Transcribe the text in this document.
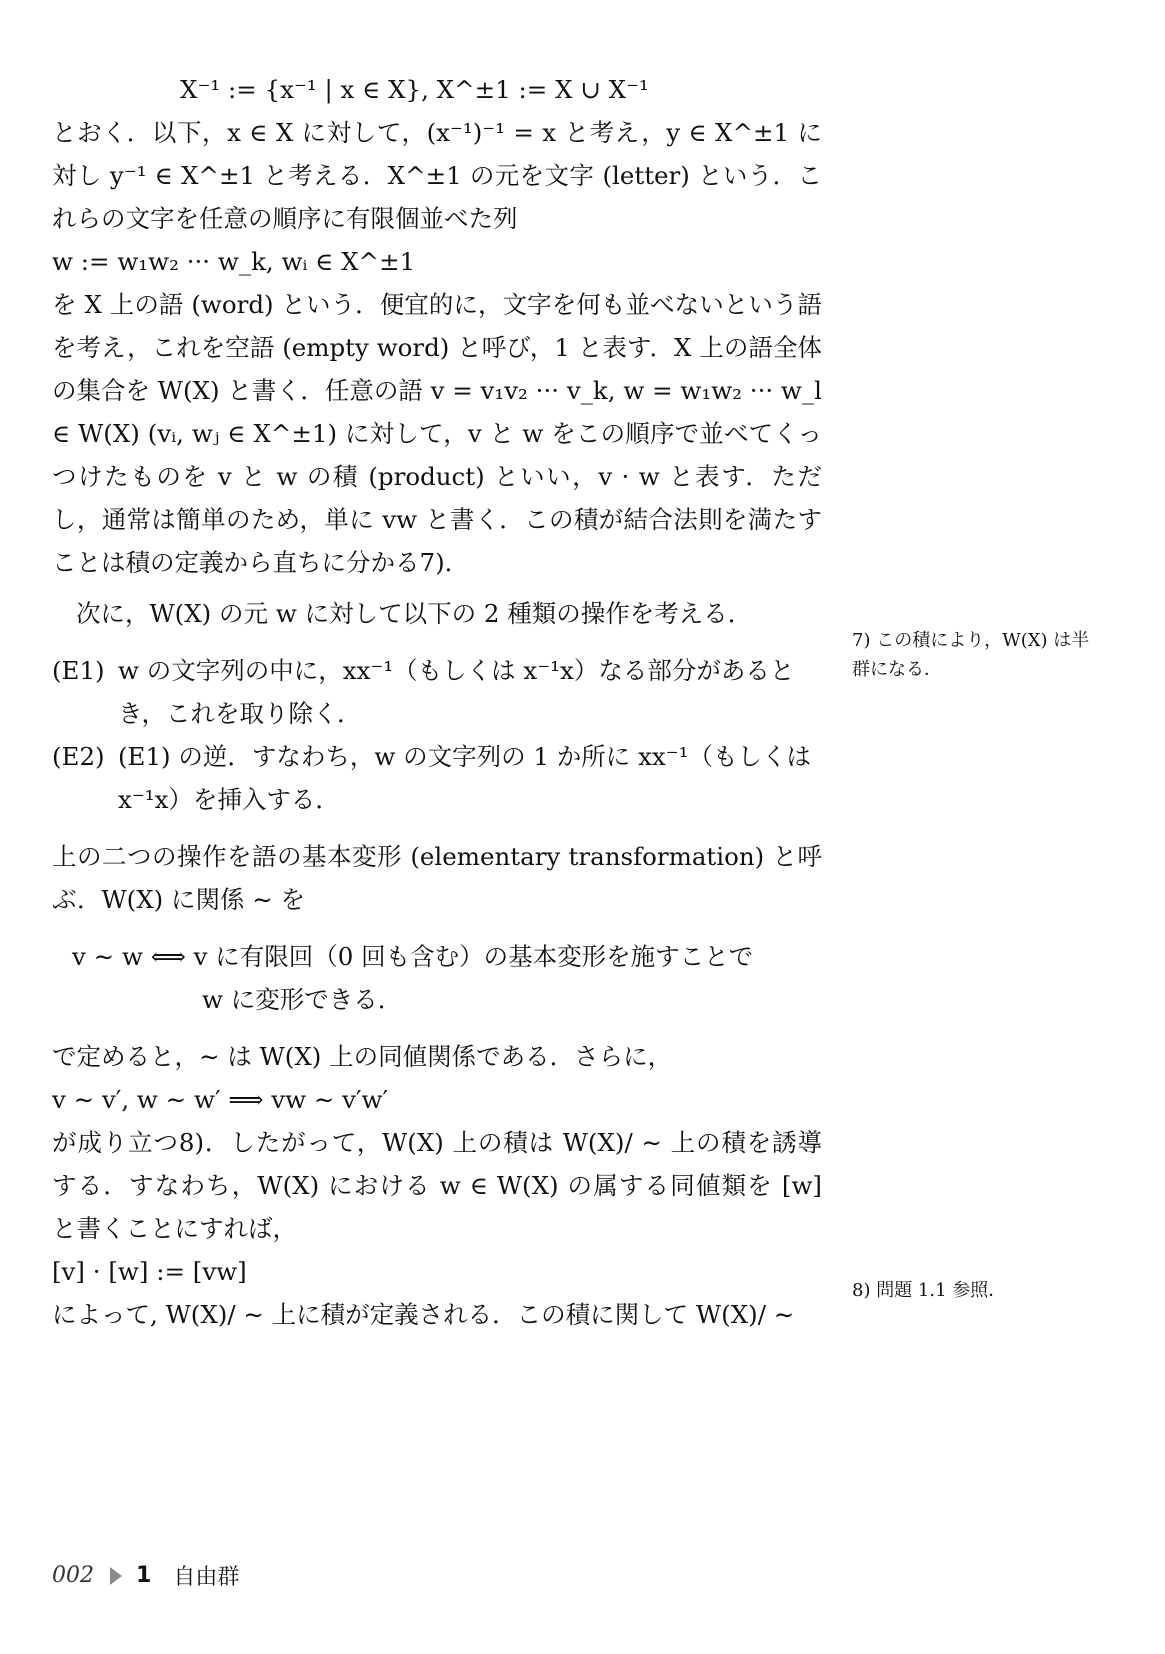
X⁻¹ := {x⁻¹ | x ∈ X}, X^±1 := X ∪ X⁻¹

とおく．以下，x ∈ X に対して，(x⁻¹)⁻¹ = x と考え，y ∈ X^±1 に対し y⁻¹ ∈ X^±1 と考える．X^±1 の元を文字 (letter) という．これらの文字を任意の順序に有限個並べた列

w := w₁w₂ ··· w_k, wᵢ ∈ X^±1

を X 上の語 (word) という．便宜的に，文字を何も並べないという語を考え，これを空語 (empty word) と呼び，1 と表す．X 上の語全体の集合を W(X) と書く．任意の語 v = v₁v₂ ··· v_k, w = w₁w₂ ··· w_l ∈ W(X) (vᵢ, wⱼ ∈ X^±1) に対して，v と w をこの順序で並べてくっつけたものを v と w の積 (product) といい，v · w と表す．ただし，通常は簡単のため，単に vw と書く．この積が結合法則を満たすことは積の定義から直ちに分かる7)．

次に，W(X) の元 w に対して以下の 2 種類の操作を考える．

(E1) w の文字列の中に，xx⁻¹（もしくは x⁻¹x）なる部分があるとき，これを取り除く．
(E2) (E1) の逆．すなわち，w の文字列の 1 か所に xx⁻¹（もしくは x⁻¹x）を挿入する．

上の二つの操作を語の基本変形 (elementary transformation) と呼ぶ．W(X) に関係 ∼ を

v ∼ w ⟺ v に有限回（0 回も含む）の基本変形を施すことで
w に変形できる．

で定めると，∼ は W(X) 上の同値関係である．さらに，

v ∼ v′, w ∼ w′ ⟹ vw ∼ v′w′

が成り立つ8)．したがって，W(X) 上の積は W(X)/ ∼ 上の積を誘導する．すなわち，W(X) における w ∈ W(X) の属する同値類を [w] と書くことにすれば，

[v] · [w] := [vw]

によって, W(X)/ ∼ 上に積が定義される．この積に関して W(X)/ ∼

7) この積により，W(X) は半群になる．
8) 問題 1.1 参照．
002 1 自由群
